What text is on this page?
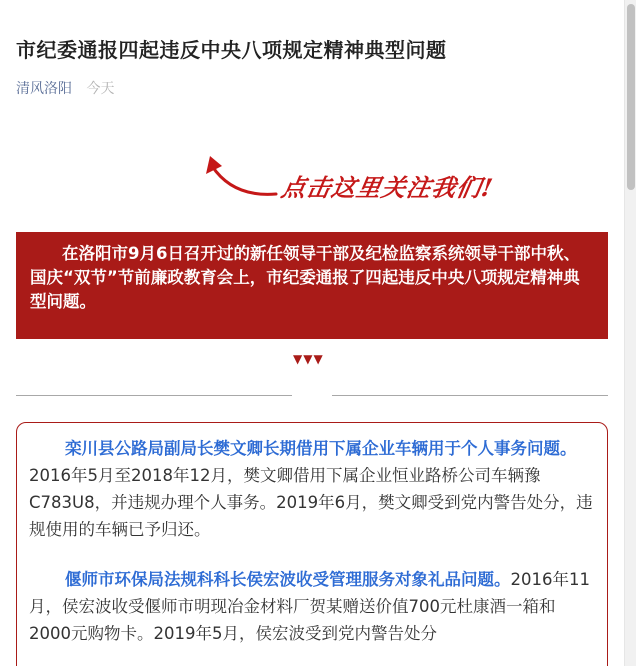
市纪委通报四起违反中央八项规定精神典型问题
清风洛阳 今天
点击这里关注我们!

在洛阳市9月6日召开过的新任领导干部及纪检监察系统领导干部中秋、国庆“双节”节前廉政教育会上，市纪委通报了四起违反中央八项规定精神典型问题。

▼▼▼

栾川县公路局副局长樊文卿长期借用下属企业车辆用于个人事务问题。2016年5月至2018年12月，樊文卿借用下属企业恒业路桥公司车辆豫C783U8，并违规办理个人事务。2019年6月，樊文卿受到党内警告处分，违规使用的车辆已予归还。

偃师市环保局法规科科长侯宏波收受管理服务对象礼品问题。2016年11月，侯宏波收受偃师市明现冶金材料厂贺某赠送价值700元杜康酒一箱和2000元购物卡。2019年5月，侯宏波受到党内警告处分
